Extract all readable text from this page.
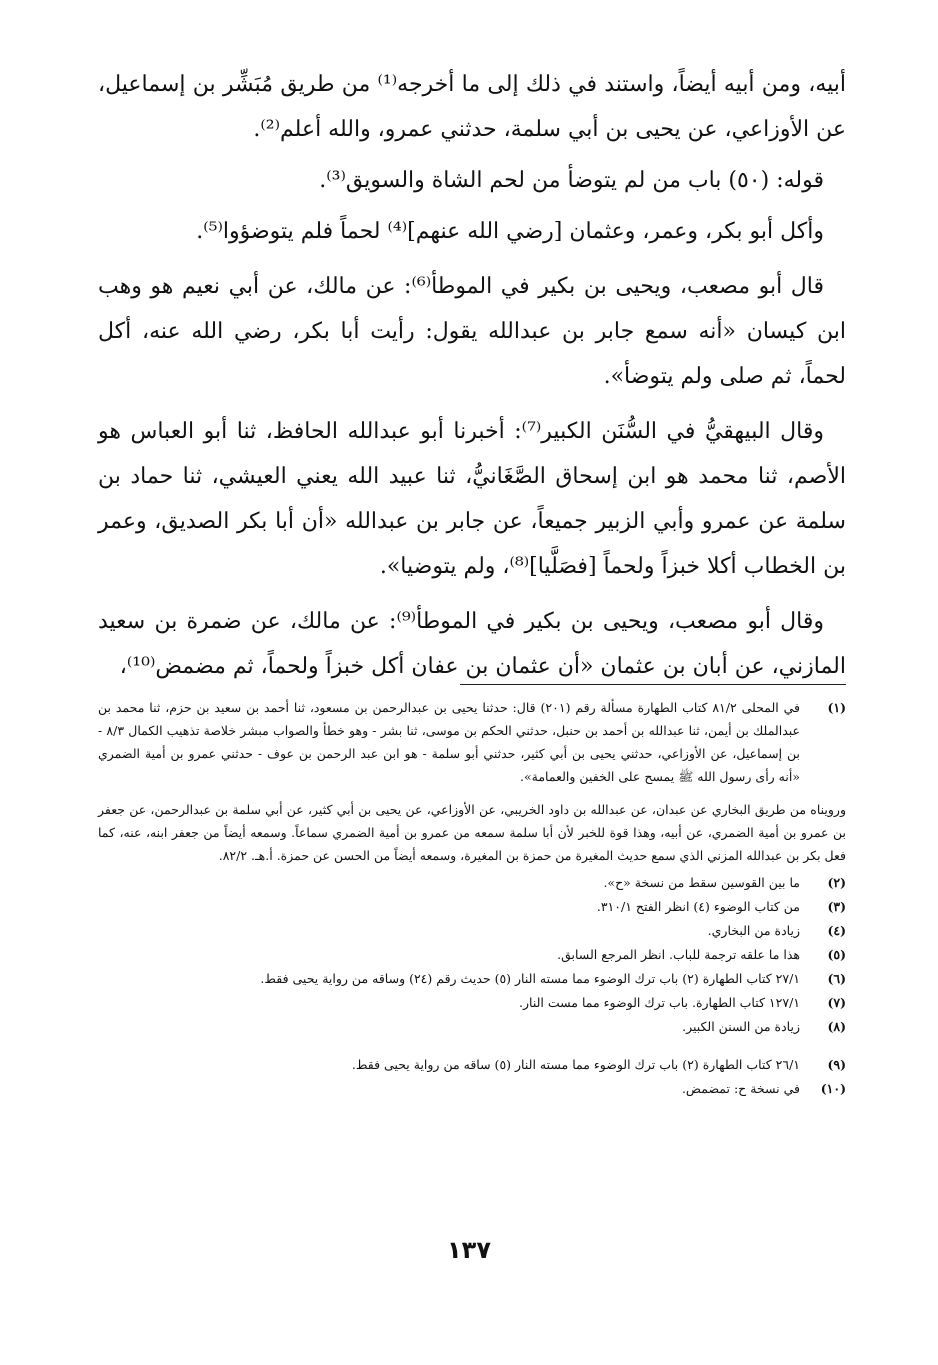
أبيه، ومن أبيه أيضاً، واستند في ذلك إلى ما أخرجه⁽¹⁾ من طريق مُبَشِّر بن إسماعيل، عن الأوزاعي، عن يحيى بن أبي سلمة، حدثني عمرو، والله أعلم⁽²⁾.

قوله: (٥٠) باب من لم يتوضأ من لحم الشاة والسويق⁽³⁾.

وأكل أبو بكر، وعمر، وعثمان [رضي الله عنهم]⁽⁴⁾ لحماً فلم يتوضؤوا⁽⁵⁾.

قال أبو مصعب، ويحيى بن بكير في الموطأ⁽⁶⁾: عن مالك، عن أبي نعيم هو وهب ابن كيسان «أنه سمع جابر بن عبدالله يقول: رأيت أبا بكر، رضي الله عنه، أكل لحماً، ثم صلى ولم يتوضأ».

وقال البيهقيُّ في السُّنَن الكبير⁽⁷⁾: أخبرنا أبو عبدالله الحافظ، ثنا أبو العباس هو الأصم، ثنا محمد هو ابن إسحاق الصَّغَانيُّ، ثنا عبيد الله يعني العيشي، ثنا حماد بن سلمة عن عمرو وأبي الزبير جميعاً، عن جابر بن عبدالله «أن أبا بكر الصديق، وعمر بن الخطاب أكلا خبزاً ولحماً [فصَلَّيا]⁽⁸⁾، ولم يتوضيا».

وقال أبو مصعب، ويحيى بن بكير في الموطأ⁽⁹⁾: عن مالك، عن ضمرة بن سعيد المازني، عن أبان بن عثمان «أن عثمان بن عفان أكل خبزاً ولحماً، ثم مضمض⁽¹⁰⁾،

(١)
في المحلى ٨١/٢ كتاب الطهارة مسألة رقم (٢٠١) قال: حدثنا يحيى بن عبدالرحمن بن مسعود، ثنا أحمد بن سعيد بن حزم، ثنا محمد بن عبدالملك بن أيمن، ثنا عبدالله بن أحمد بن حنبل، حدثني الحكم بن موسى، ثنا بشر - وهو خطأ والصواب مبشر خلاصة تذهيب الكمال ٨/٣ - بن إسماعيل، عن الأوزاعي، حدثني يحيى بن أبي كثير، حدثني أبو سلمة - هو ابن عبد الرحمن بن عوف - حدثني عمرو بن أمية الضمري «أنه رأى رسول الله ﷺ يمسح على الخفين والعمامة».
ورويناه من طريق البخاري عن عبدان، عن عبدالله بن داود الخريبي، عن الأوزاعي، عن يحيى بن أبي كثير، عن أبي سلمة بن عبدالرحمن، عن جعفر بن عمرو بن أمية الضمري، عن أبيه، وهذا قوة للخبر لأن أبا سلمة سمعه من عمرو بن أمية الضمري سماعاً. وسمعه أيضاً من جعفر ابنه، عنه، كما فعل بكر بن عبدالله المزني الذي سمع حديث المغيرة من حمزة بن المغيرة، وسمعه أيضاً من الحسن عن حمزة. أ.هـ. ٨٢/٢.
(٢)
ما بين القوسين سقط من نسخة «ح».
(٣)
من كتاب الوضوء (٤) انظر الفتح ٣١٠/١.
(٤)
زيادة من البخاري.
(٥)
هذا ما علقه ترجمة للباب. انظر المرجع السابق.
(٦)
٢٧/١ كتاب الطهارة (٢) باب ترك الوضوء مما مسته النار (٥) حديث رقم (٢٤) وساقه من رواية يحيى فقط.
(٧)
١٢٧/١ كتاب الطهارة. باب ترك الوضوء مما مست النار.
(٨)
زيادة من السنن الكبير.
(٩)
٢٦/١ كتاب الطهارة (٢) باب ترك الوضوء مما مسته النار (٥) ساقه من رواية يحيى فقط.
(١٠)
في نسخة ح: تمضمض.
١٣٧
